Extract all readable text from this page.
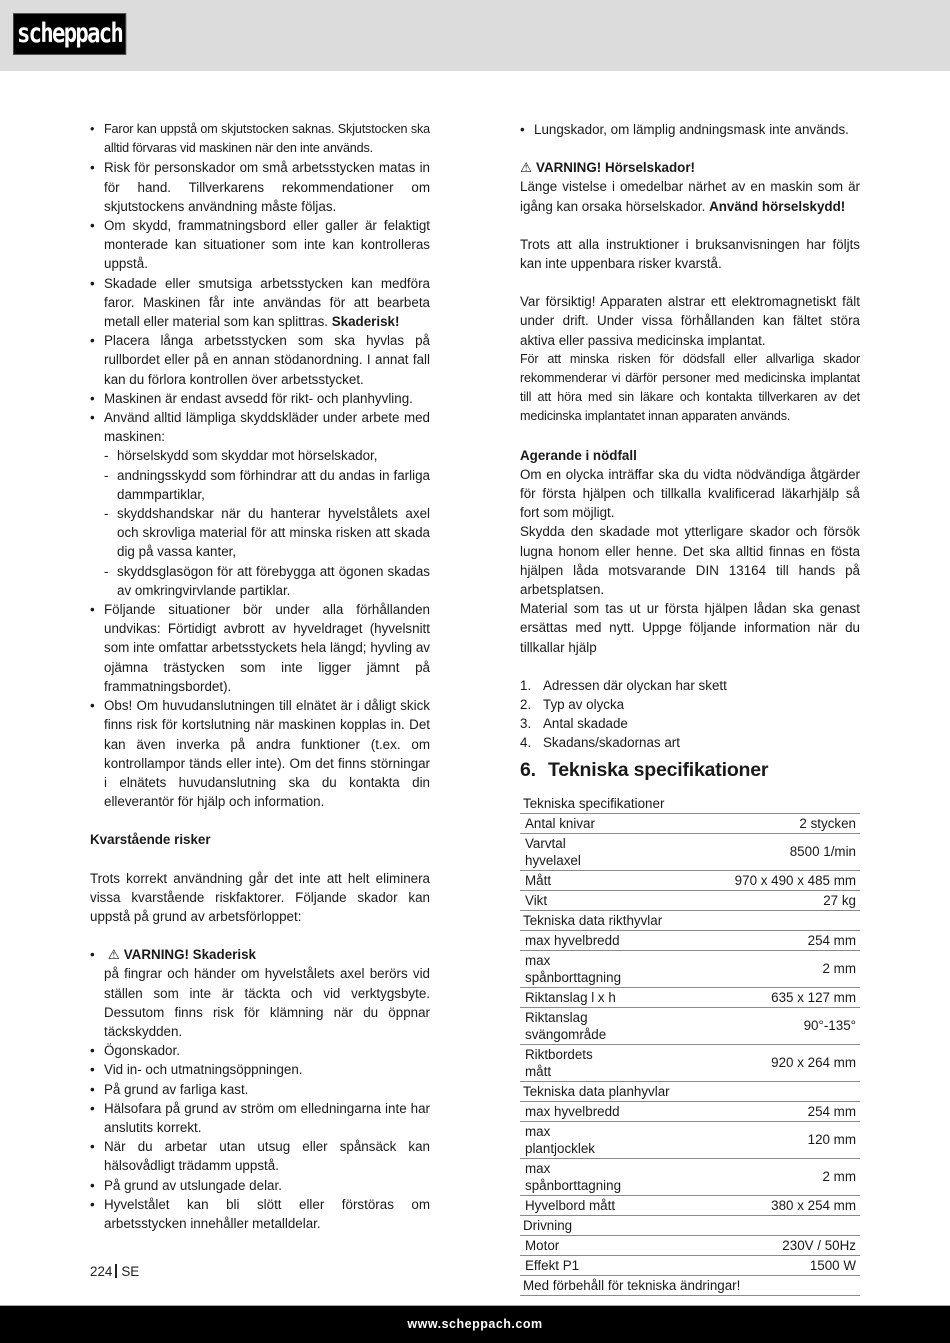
scheppach
• Faror kan uppstå om skjutstocken saknas. Skjutstocken ska alltid förvaras vid maskinen när den inte används.
• Risk för personskador om små arbetsstycken matas in för hand. Tillverkarens rekommendationer om skjutstockens användning måste följas.
• Om skydd, frammatningsbord eller galler är felaktigt monterade kan situationer som inte kan kontrolleras uppstå.
• Skadade eller smutsiga arbetsstycken kan medföra faror. Maskinen får inte användas för att bearbeta metall eller material som kan splittras. Skaderisk!
• Placera långa arbetsstycken som ska hyvlas på rullbordet eller på en annan stödanordning. I annat fall kan du förlora kontrollen över arbetsstycket.
• Maskinen är endast avsedd för rikt- och planhyvling.
• Använd alltid lämpliga skyddskläder under arbete med maskinen:
- hörselskydd som skyddar mot hörselskador,
- andningsskydd som förhindrar att du andas in farliga dammpartiklar,
- skyddshandskar när du hanterar hyvelstålets axel och skrovliga material för att minska risken att skada dig på vassa kanter,
- skyddsglasögon för att förebygga att ögonen skadas av omkringvirvlande partiklar.
• Följande situationer bör under alla förhållanden undvikas: Förtidigt avbrott av hyveldraget (hyvelsnitt som inte omfattar arbetsstyckets hela längd; hyvling av ojämna trästycken som inte ligger jämnt på frammatningsbordet).
• Obs! Om huvudanslutningen till elnätet är i dåligt skick finns risk för kortslutning när maskinen kopplas in. Det kan även inverka på andra funktioner (t.ex. om kontrollampor tänds eller inte). Om det finns störningar i elnätets huvudanslutning ska du kontakta din elleverantör för hjälp och information.
Kvarstående risker
Trots korrekt användning går det inte att helt eliminera vissa kvarstående riskfaktorer. Följande skador kan uppstå på grund av arbetsförloppet:
• ⚠ VARNING! Skaderisk
på fingrar och händer om hyvelstålets axel berörs vid ställen som inte är täckta och vid verktygsbyte. Dessutom finns risk för klämning när du öppnar täckskydden.
• Ögonskador.
• Vid in- och utmatningsöppningen.
• På grund av farliga kast.
• Hälsofara på grund av ström om elledningarna inte har anslutits korrekt.
• När du arbetar utan utsug eller spånsäck kan hälsovådligt trädamm uppstå.
• På grund av utslungade delar.
• Hyvelstålet kan bli slött eller förstöras om arbetsstycken innehåller metalldelar.
• Lungskador, om lämplig andningsmask inte används.
⚠ VARNING! Hörselskador!
Länge vistelse i omedelbar närhet av en maskin som är igång kan orsaka hörselskador. Använd hörselskydd!
Trots att alla instruktioner i bruksanvisningen har följts kan inte uppenbara risker kvarstå.
Var försiktig! Apparaten alstrar ett elektromagnetiskt fält under drift. Under vissa förhållanden kan fältet störa aktiva eller passiva medicinska implantat.
För att minska risken för dödsfall eller allvarliga skador rekommenderar vi därför personer med medicinska implantat till att höra med sin läkare och kontakta tillverkaren av det medicinska implantatet innan apparaten används.
Agerande i nödfall
Om en olycka inträffar ska du vidta nödvändiga åtgärder för första hjälpen och tillkalla kvalificerad läkarhjälp så fort som möjligt.
Skydda den skadade mot ytterligare skador och försök lugna honom eller henne. Det ska alltid finnas en fösta hjälpen låda motsvarande DIN 13164 till hands på arbetsplatsen.
Material som tas ut ur första hjälpen lådan ska genast ersättas med nytt. Uppge följande information när du tillkallar hjälp
1. Adressen där olyckan har skett
2. Typ av olycka
3. Antal skadade
4. Skadans/skadornas art
6. Tekniska specifikationer
Tekniska specifikationer	
Antal knivar	2 stycken
Varvtal hyvelaxel	8500 1/min
Mått	970 x 490 x 485 mm
Vikt	27 kg
Tekniska data rikthyvlar	
max hyvelbredd	254 mm
max spånborttagning	2 mm
Riktanslag l x h	635 x 127 mm
Riktanslag svängområde	90°-135°
Riktbordets mått	920 x 264 mm
Tekniska data planhyvlar	
max hyvelbredd	254 mm
max plantjocklek	120 mm
max spånborttagning	2 mm
Hyvelbord mått	380 x 254 mm
Drivning	
Motor	230V / 50Hz
Effekt P1	1500 W
Med förbehåll för tekniska ändringar!	
224 SE
www.scheppach.com
